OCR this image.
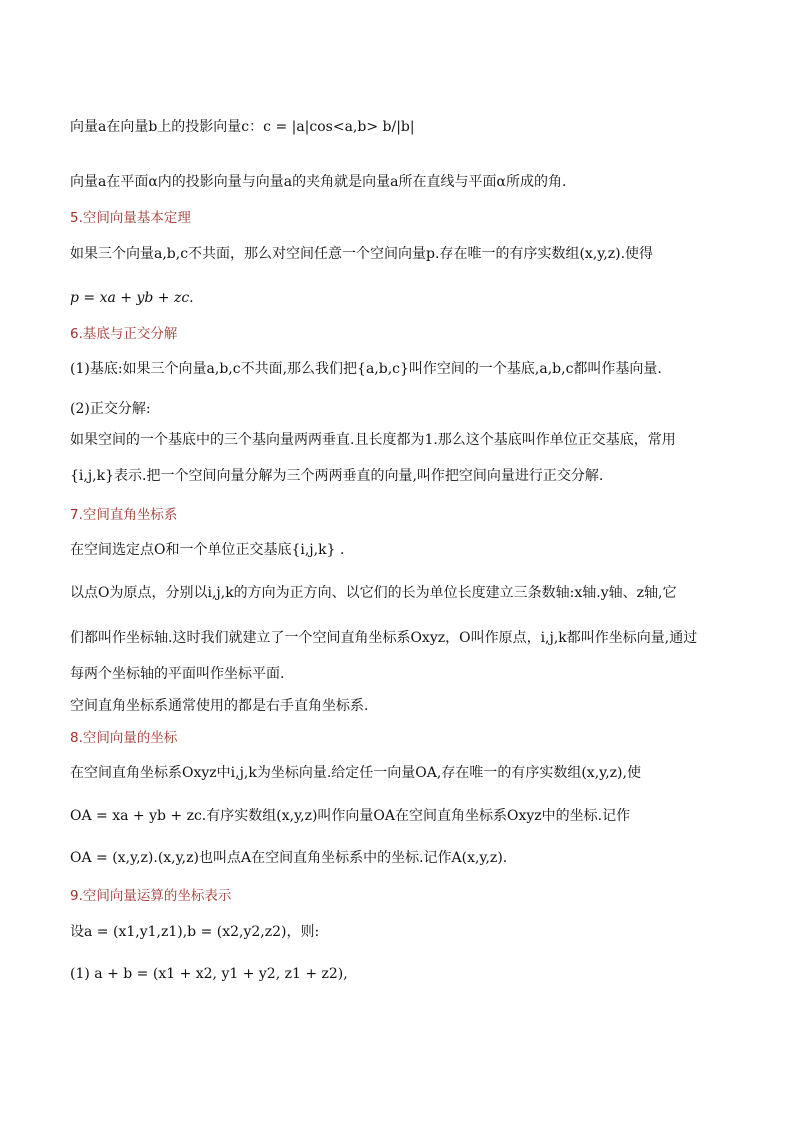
向量a在向量b上的投影向量c：c = |a|cos<a,b> b/|b|
向量a在平面α内的投影向量与向量a的夹角就是向量a所在直线与平面α所成的角.
5.空间向量基本定理
如果三个向量a,b,c不共面，那么对空间任意一个空间向量p.存在唯一的有序实数组(x,y,z).使得
p = xa + yb + zc.
6.基底与正交分解
(1)基底:如果三个向量a,b,c不共面,那么我们把{a,b,c}叫作空间的一个基底,a,b,c都叫作基向量.
(2)正交分解:
如果空间的一个基底中的三个基向量两两垂直.且长度都为1.那么这个基底叫作单位正交基底，常用
{i,j,k}表示.把一个空间向量分解为三个两两垂直的向量,叫作把空间向量进行正交分解.
7.空间直角坐标系
在空间选定点O和一个单位正交基底{i,j,k} .
以点O为原点，分别以i,j,k的方向为正方向、以它们的长为单位长度建立三条数轴:x轴.y轴、z轴,它
们都叫作坐标轴.这时我们就建立了一个空间直角坐标系Oxyz，O叫作原点，i,j,k都叫作坐标向量,通过
每两个坐标轴的平面叫作坐标平面.
空间直角坐标系通常使用的都是右手直角坐标系.
8.空间向量的坐标
在空间直角坐标系Oxyz中i,j,k为坐标向量.给定任一向量OA,存在唯一的有序实数组(x,y,z),使
OA = xa + yb + zc.有序实数组(x,y,z)叫作向量OA在空间直角坐标系Oxyz中的坐标.记作
OA = (x,y,z).(x,y,z)也叫点A在空间直角坐标系中的坐标.记作A(x,y,z).
9.空间向量运算的坐标表示
设a = (x1,y1,z1),b = (x2,y2,z2)，则:
(1) a + b = (x1 + x2, y1 + y2, z1 + z2),
